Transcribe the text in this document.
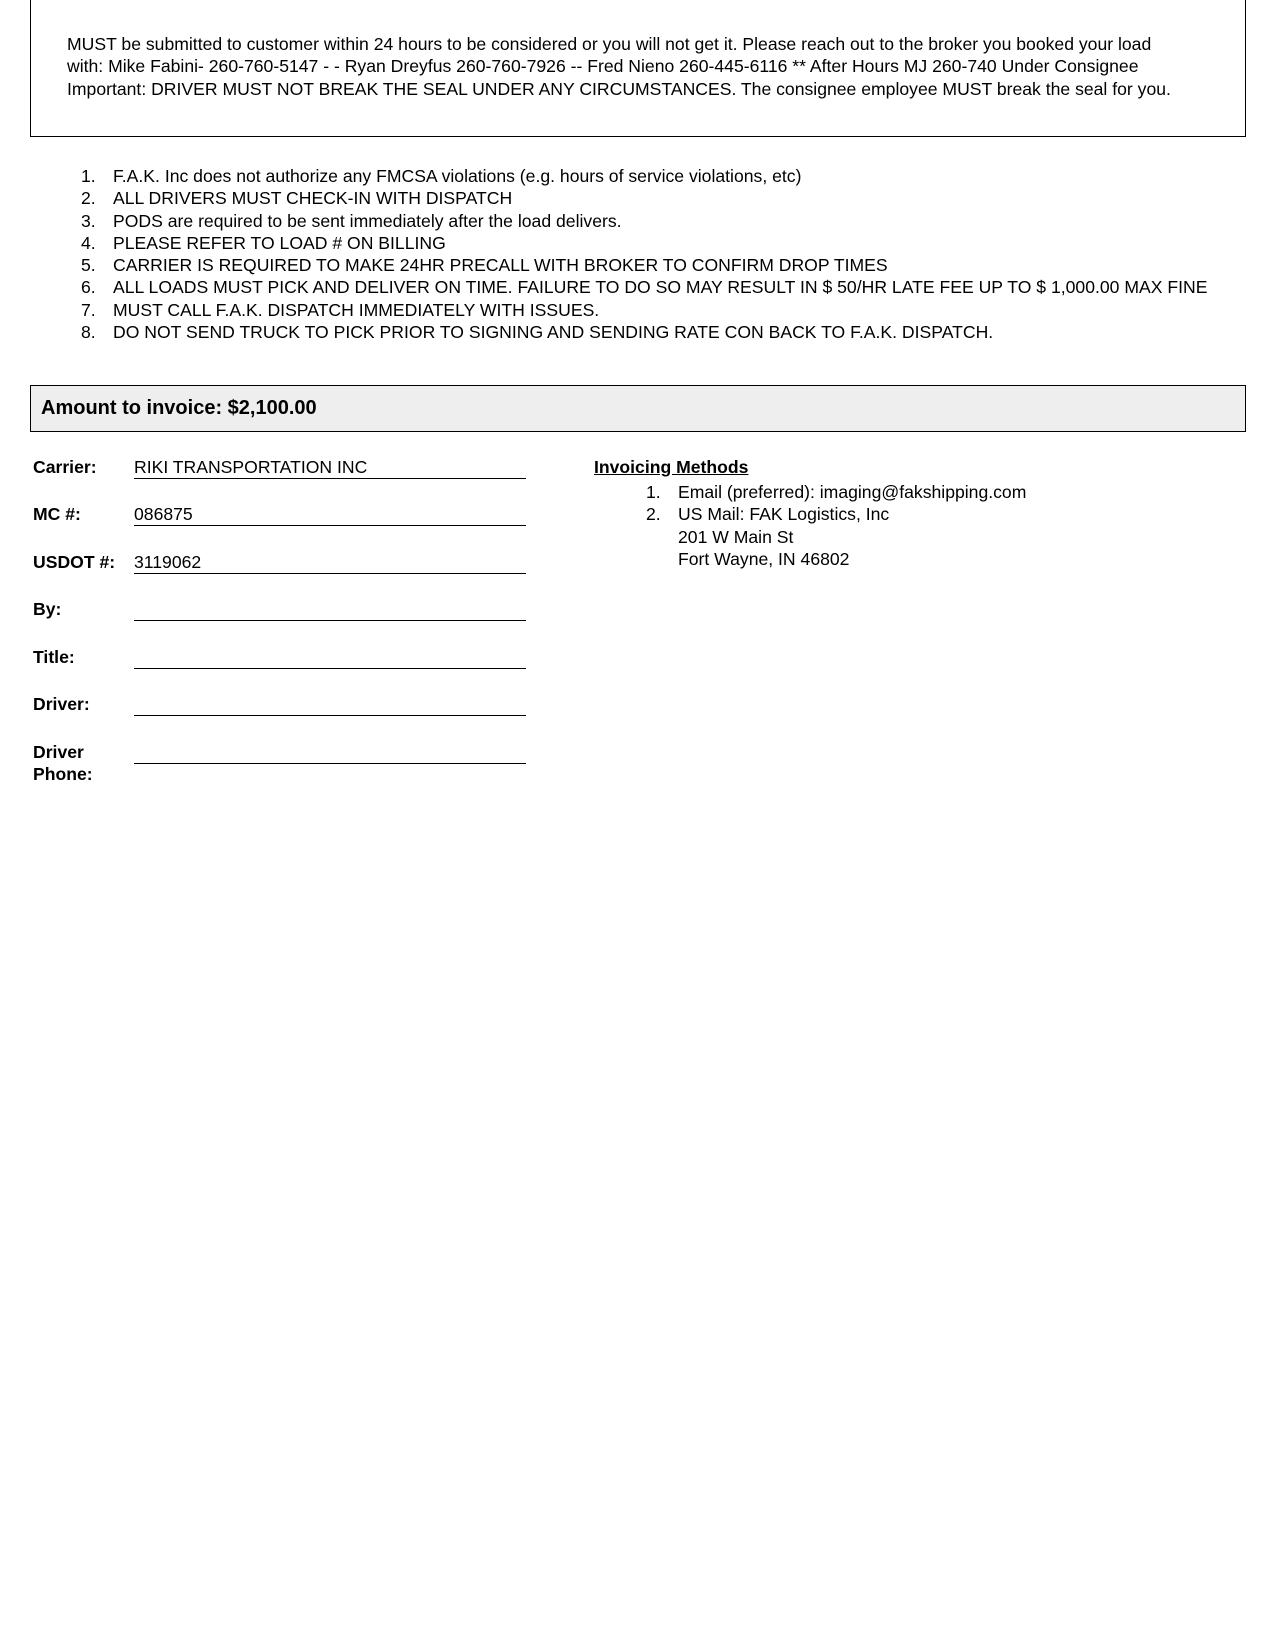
MUST be submitted to customer within 24 hours to be considered or you will not get it. Please reach out to the broker you booked your load with: Mike Fabini- 260-760-5147 - - Ryan Dreyfus 260-760-7926 -- Fred Nieno 260-445-6116 ** After Hours MJ 260-740 Under Consignee Important: DRIVER MUST NOT BREAK THE SEAL UNDER ANY CIRCUMSTANCES. The consignee employee MUST break the seal for you.

1. F.A.K. Inc does not authorize any FMCSA violations (e.g. hours of service violations, etc)
2. ALL DRIVERS MUST CHECK-IN WITH DISPATCH
3. PODS are required to be sent immediately after the load delivers.
4. PLEASE REFER TO LOAD # ON BILLING
5. CARRIER IS REQUIRED TO MAKE 24HR PRECALL WITH BROKER TO CONFIRM DROP TIMES
6. ALL LOADS MUST PICK AND DELIVER ON TIME. FAILURE TO DO SO MAY RESULT IN $ 50/HR LATE FEE UP TO $ 1,000.00 MAX FINE
7. MUST CALL F.A.K. DISPATCH IMMEDIATELY WITH ISSUES.
8. DO NOT SEND TRUCK TO PICK PRIOR TO SIGNING AND SENDING RATE CON BACK TO F.A.K. DISPATCH.
Amount to invoice: $2,100.00
Carrier: RIKI TRANSPORTATION INC
MC #:	086875
USDOT #: 3119062
By:
Title:
Driver:
Driver Phone:
Invoicing Methods
1. Email (preferred): imaging@fakshipping.com
2. US Mail: FAK Logistics, Inc
201 W Main St
Fort Wayne, IN 46802
